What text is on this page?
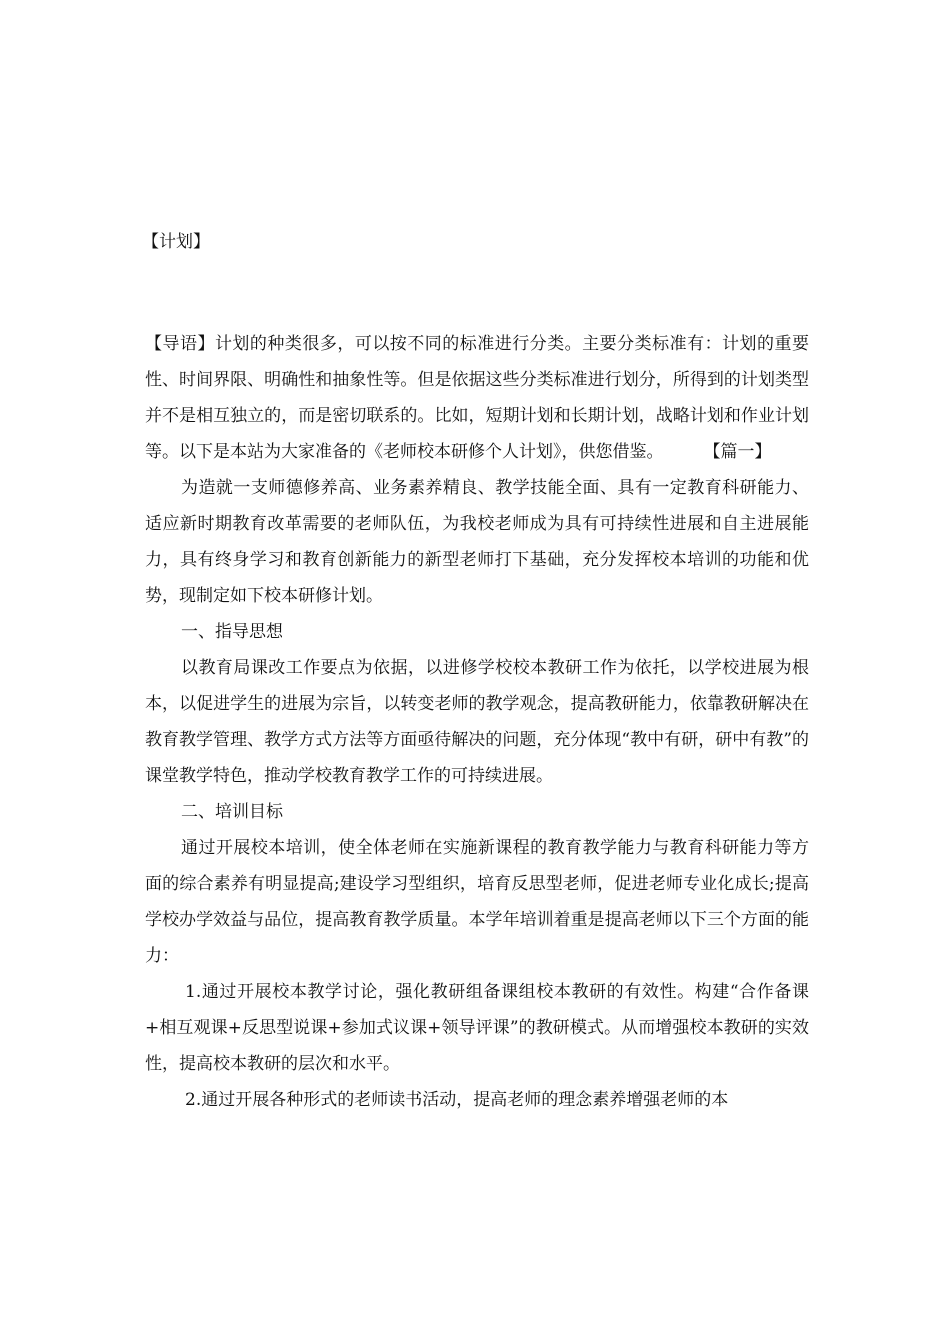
【计划】

【导语】计划的种类很多，可以按不同的标准进行分类。主要分类标准有：计划的重要性、时间界限、明确性和抽象性等。但是依据这些分类标准进行划分，所得到的计划类型并不是相互独立的，而是密切联系的。比如，短期计划和长期计划，战略计划和作业计划等。以下是本站为大家准备的《老师校本研修个人计划》，供您借鉴。 【篇一】

为造就一支师德修养高、业务素养精良、教学技能全面、具有一定教育科研能力、适应新时期教育改革需要的老师队伍，为我校老师成为具有可持续性进展和自主进展能力，具有终身学习和教育创新能力的新型老师打下基础，充分发挥校本培训的功能和优势，现制定如下校本研修计划。

一、指导思想

以教育局课改工作要点为依据，以进修学校校本教研工作为依托，以学校进展为根本，以促进学生的进展为宗旨，以转变老师的教学观念，提高教研能力，依靠教研解决在教育教学管理、教学方式方法等方面亟待解决的问题，充分体现“教中有研，研中有教”的课堂教学特色，推动学校教育教学工作的可持续进展。

二、培训目标

通过开展校本培训，使全体老师在实施新课程的教育教学能力与教育科研能力等方面的综合素养有明显提高;建设学习型组织，培育反思型老师，促进老师专业化成长;提高学校办学效益与品位，提高教育教学质量。本学年培训着重是提高老师以下三个方面的能力：

1.通过开展校本教学讨论，强化教研组备课组校本教研的有效性。构建“合作备课+相互观课+反思型说课+参加式议课+领导评课”的教研模式。从而增强校本教研的实效性，提高校本教研的层次和水平。

2.通过开展各种形式的老师读书活动，提高老师的理念素养增强老师的本
